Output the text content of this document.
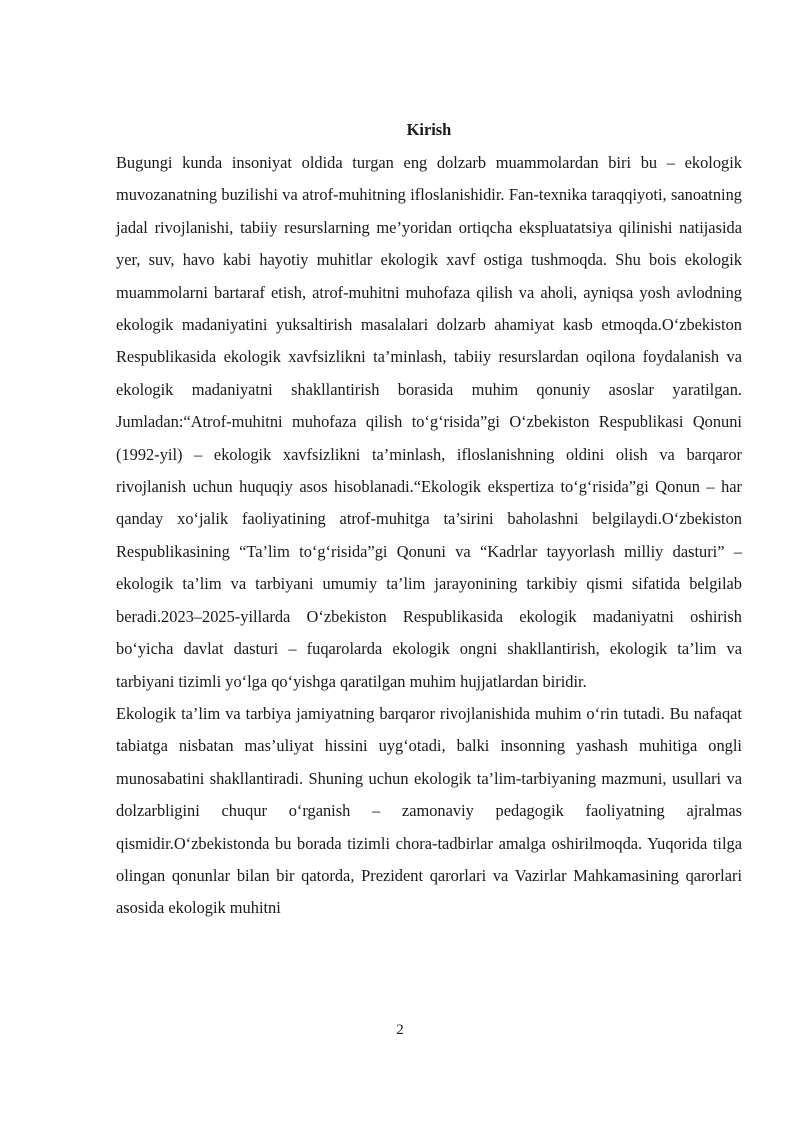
Kirish

Bugungi kunda insoniyat oldida turgan eng dolzarb muammolardan biri bu – ekologik muvozanatning buzilishi va atrof-muhitning ifloslanishidir. Fan-texnika taraqqiyoti, sanoatning jadal rivojlanishi, tabiiy resurslarning me’yoridan ortiqcha ekspluatatsiya qilinishi natijasida yer, suv, havo kabi hayotiy muhitlar ekologik xavf ostiga tushmoqda. Shu bois ekologik muammolarni bartaraf etish, atrof-muhitni muhofaza qilish va aholi, ayniqsa yosh avlodning ekologik madaniyatini yuksaltirish masalalari dolzarb ahamiyat kasb etmoqda.O‘zbekiston Respublikasida ekologik xavfsizlikni ta’minlash, tabiiy resurslardan oqilona foydalanish va ekologik madaniyatni shakllantirish borasida muhim qonuniy asoslar yaratilgan. Jumladan:“Atrof-muhitni muhofaza qilish to‘g‘risida”gi O‘zbekiston Respublikasi Qonuni (1992-yil) – ekologik xavfsizlikni ta’minlash, ifloslanishning oldini olish va barqaror rivojlanish uchun huquqiy asos hisoblanadi.“Ekologik ekspertiza to‘g‘risida”gi Qonun – har qanday xo‘jalik faoliyatining atrof-muhitga ta’sirini baholashni belgilaydi.O‘zbekiston Respublikasining “Ta’lim to‘g‘risida”gi Qonuni va “Kadrlar tayyorlash milliy dasturi” – ekologik ta’lim va tarbiyani umumiy ta’lim jarayonining tarkibiy qismi sifatida belgilab beradi.2023–2025-yillarda O‘zbekiston Respublikasida ekologik madaniyatni oshirish bo‘yicha davlat dasturi – fuqarolarda ekologik ongni shakllantirish, ekologik ta’lim va tarbiyani tizimli yo‘lga qo‘yishga qaratilgan muhim hujjatlardan biridir.

Ekologik ta’lim va tarbiya jamiyatning barqaror rivojlanishida muhim o‘rin tutadi. Bu nafaqat tabiatga nisbatan mas’uliyat hissini uyg‘otadi, balki insonning yashash muhitiga ongli munosabatini shakllantiradi. Shuning uchun ekologik ta’lim-tarbiyaning mazmuni, usullari va dolzarbligini chuqur o‘rganish – zamonaviy pedagogik faoliyatning ajralmas qismidir.O‘zbekistonda bu borada tizimli chora-tadbirlar amalga oshirilmoqda. Yuqorida tilga olingan qonunlar bilan bir qatorda, Prezident qarorlari va Vazirlar Mahkamasining qarorlari asosida ekologik muhitni

2
